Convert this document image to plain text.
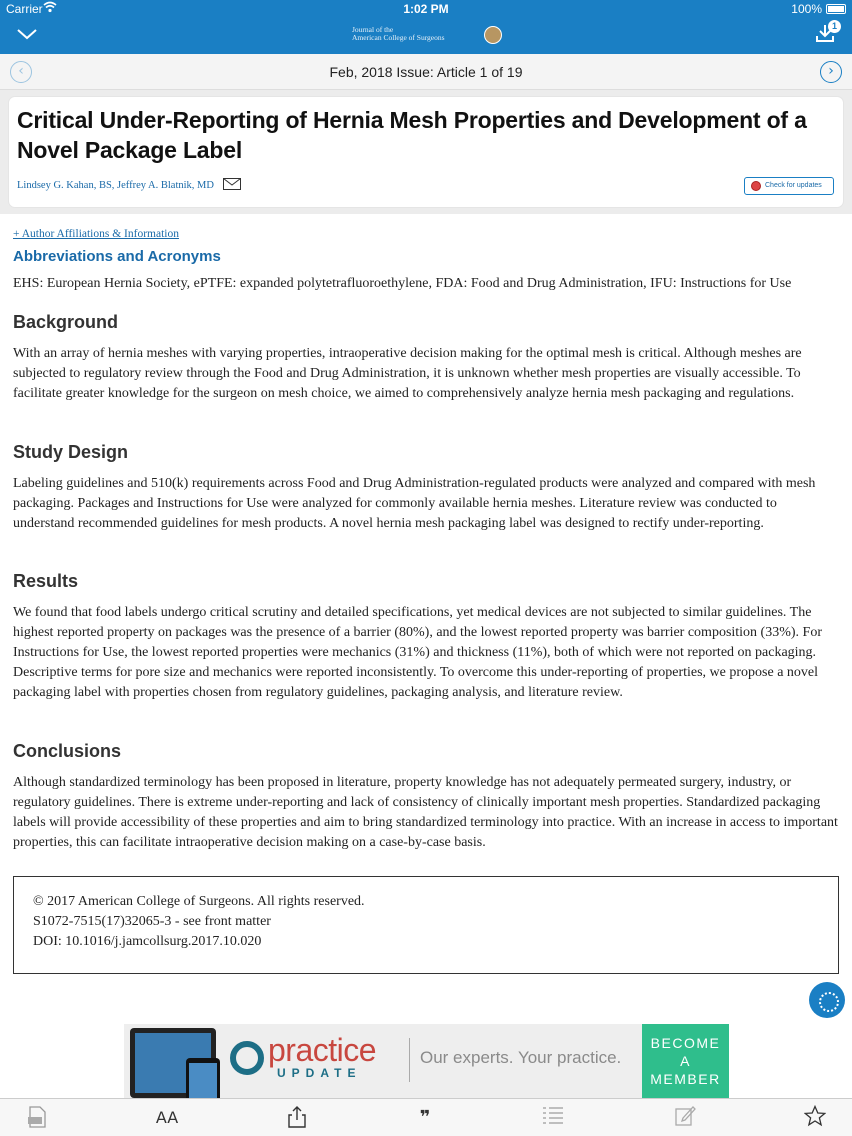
Carrier	1:02 PM	100%
Journal of the
American College of Surgeons
1
‹	Feb, 2018 Issue: Article 1 of 19	›
Critical Under-Reporting of Hernia Mesh Properties and Development of a Novel Package Label
Lindsey G. Kahan, BS, Jeffrey A. Blatnik, MD	Check for updates
+ Author Affiliations & Information
Abbreviations and Acronyms
EHS: European Hernia Society, ePTFE: expanded polytetrafluoroethylene, FDA: Food and Drug Administration, IFU: Instructions for Use
Background
With an array of hernia meshes with varying properties, intraoperative decision making for the optimal mesh is critical. Although meshes are subjected to regulatory review through the Food and Drug Administration, it is unknown whether mesh properties are visually accessible. To facilitate greater knowledge for the surgeon on mesh choice, we aimed to comprehensively analyze hernia mesh packaging and regulations.
Study Design
Labeling guidelines and 510(k) requirements across Food and Drug Administration-regulated products were analyzed and compared with mesh packaging. Packages and Instructions for Use were analyzed for commonly available hernia meshes. Literature review was conducted to understand recommended guidelines for mesh products. A novel hernia mesh packaging label was designed to rectify under-reporting.
Results
We found that food labels undergo critical scrutiny and detailed specifications, yet medical devices are not subjected to similar guidelines. The highest reported property on packages was the presence of a barrier (80%), and the lowest reported property was barrier composition (33%). For Instructions for Use, the lowest reported properties were mechanics (31%) and thickness (11%), both of which were not reported on packaging. Descriptive terms for pore size and mechanics were reported inconsistently. To overcome this under-reporting of properties, we propose a novel packaging label with properties chosen from regulatory guidelines, packaging analysis, and literature review.
Conclusions
Although standardized terminology has been proposed in literature, property knowledge has not adequately permeated surgery, industry, or regulatory guidelines. There is extreme under-reporting and lack of consistency of clinically important mesh properties. Standardized packaging labels will provide accessibility of these properties and aim to bring standardized terminology into practice. With an increase in access to important properties, this can facilitate intraoperative decision making on a case-by-case basis.
© 2017 American College of Surgeons. All rights reserved.
S1072-7515(17)32065-3 - see front matter
DOI: 10.1016/j.jamcollsurg.2017.10.020
practice
UPDATE
Our experts. Your practice.
BECOME
A
MEMBER
AA	❞
